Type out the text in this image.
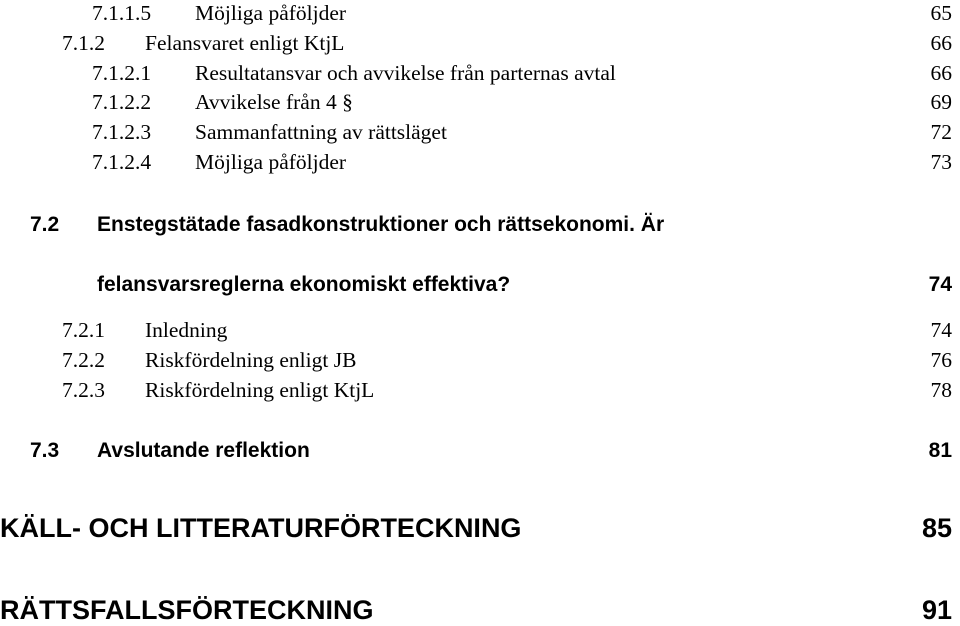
7.1.1.5 Möjliga påföljder	65
7.1.2 Felansvaret enligt KtjL	66
7.1.2.1 Resultatansvar och avvikelse från parternas avtal	66
7.1.2.2 Avvikelse från 4 §	69
7.1.2.3 Sammanfattning av rättsläget	72
7.1.2.4 Möjliga påföljder	73
7.2 Enstegstätade fasadkonstruktioner och rättsekonomi. Är
felansvarsreglerna ekonomiskt effektiva?	74
7.2.1 Inledning	74
7.2.2 Riskfördelning enligt JB	76
7.2.3 Riskfördelning enligt KtjL	78
7.3 Avslutande reflektion	81
KÄLL- OCH LITTERATURFÖRTECKNING	85
RÄTTSFALLSFÖRTECKNING	91
